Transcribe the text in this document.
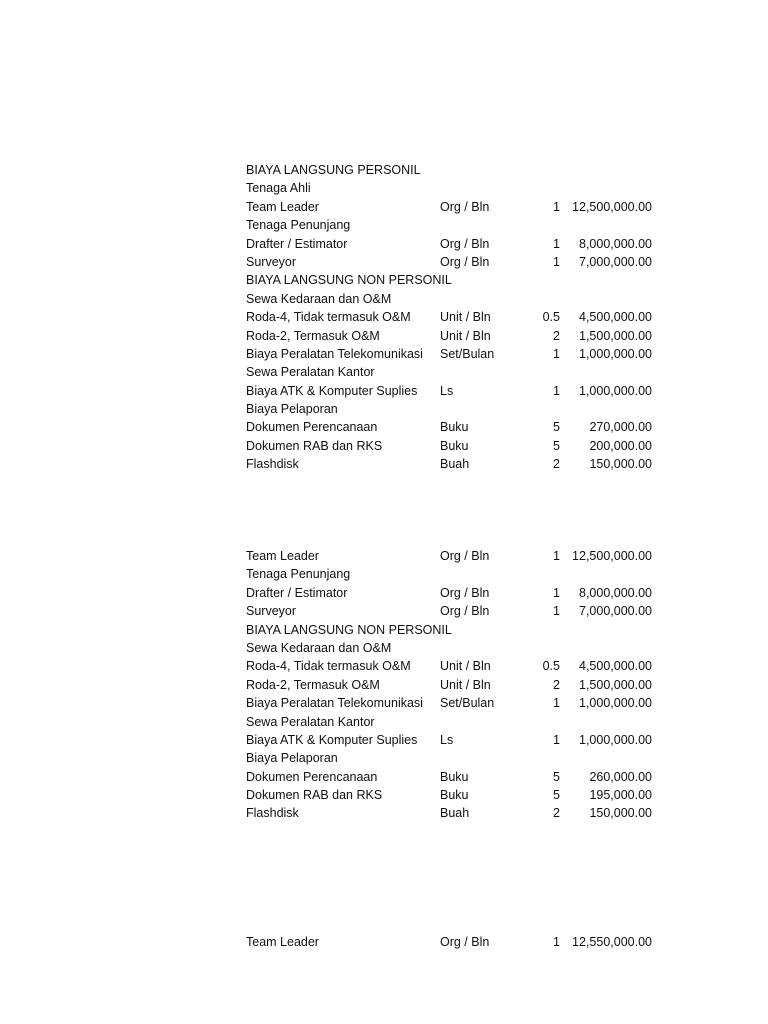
BIAYA LANGSUNG PERSONIL
Tenaga Ahli
Team Leader	Org / Bln	1 12,500,000.00
Tenaga Penunjang
Drafter / Estimator	Org / Bln	1 8,000,000.00
Surveyor	Org / Bln	1 7,000,000.00
BIAYA LANGSUNG NON PERSONIL
Sewa Kedaraan dan O&M
Roda-4, Tidak termasuk O&M Unit / Bln	0.5 4,500,000.00
Roda-2, Termasuk O&M	Unit / Bln	2 1,500,000.00
Biaya Peralatan Telekomunikasi Set/Bulan	1 1,000,000.00
Sewa Peralatan Kantor
Biaya ATK & Komputer Suplies Ls	1 1,000,000.00
Biaya Pelaporan
Dokumen Perencanaan	Buku	5 270,000.00
Dokumen RAB dan RKS	Buku	5 200,000.00
Flashdisk	Buah	2 150,000.00
Team Leader	Org / Bln	1 12,500,000.00
Tenaga Penunjang
Drafter / Estimator	Org / Bln	1 8,000,000.00
Surveyor	Org / Bln	1 7,000,000.00
BIAYA LANGSUNG NON PERSONIL
Sewa Kedaraan dan O&M
Roda-4, Tidak termasuk O&M Unit / Bln	0.5 4,500,000.00
Roda-2, Termasuk O&M	Unit / Bln	2 1,500,000.00
Biaya Peralatan Telekomunikasi Set/Bulan	1 1,000,000.00
Sewa Peralatan Kantor
Biaya ATK & Komputer Suplies Ls	1 1,000,000.00
Biaya Pelaporan
Dokumen Perencanaan	Buku	5 260,000.00
Dokumen RAB dan RKS	Buku	5 195,000.00
Flashdisk	Buah	2 150,000.00
Team Leader	Org / Bln	1 12,550,000.00
